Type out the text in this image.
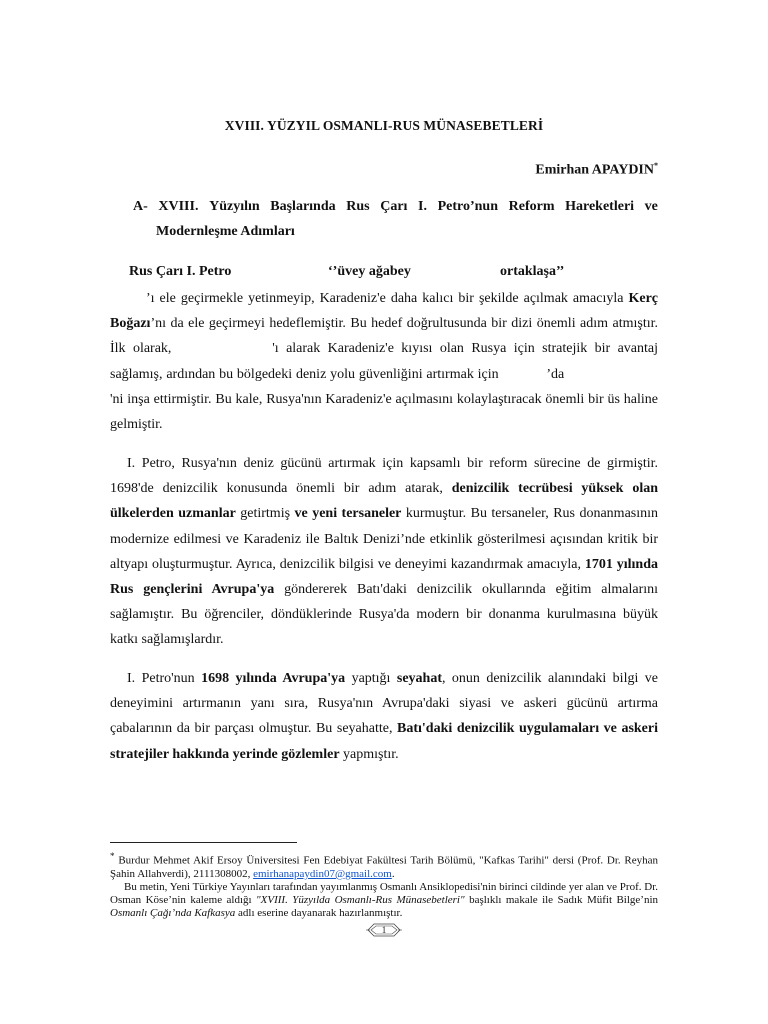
XVIII. YÜZYIL OSMANLI-RUS MÜNASEBETLERİ
Emirhan APAYDIN*
A- XVIII. Yüzyılın Başlarında Rus Çarı I. Petro’nun Reform Hareketleri ve
Modernleşme Adımları
Rus Çarı I. Petro	‘’üvey ağabey	ortaklaşa’’

’ı ele geçirmekle yetinmeyip, Karadeniz'e daha kalıcı bir şekilde açılmak amacıyla Kerç Boğazı’nı da ele geçirmeyi hedeflemiştir. Bu hedef doğrultusunda bir dizi önemli adım atmıştır. İlk olarak,	'ı alarak Karadeniz'e kıyısı olan Rusya için stratejik bir avantaj sağlamış, ardından bu bölgedeki deniz yolu güvenliğini artırmak için	’da  'ni inşa ettirmiştir. Bu kale, Rusya'nın Karadeniz'e açılmasını kolaylaştıracak önemli bir üs haline gelmiştir.

I. Petro, Rusya'nın deniz gücünü artırmak için kapsamlı bir reform sürecine de girmiştir. 1698'de denizcilik konusunda önemli bir adım atarak, denizcilik tecrübesi yüksek olan ülkelerden uzmanlar getirtmiş ve yeni tersaneler kurmuştur. Bu tersaneler, Rus donanmasının modernize edilmesi ve Karadeniz ile Baltık Denizi’nde etkinlik gösterilmesi açısından kritik bir altyapı oluşturmuştur. Ayrıca, denizcilik bilgisi ve deneyimi kazandırmak amacıyla, 1701 yılında Rus gençlerini Avrupa'ya göndererek Batı'daki denizcilik okullarında eğitim almalarını sağlamıştır. Bu öğrenciler, döndüklerinde Rusya'da modern bir donanma kurulmasına büyük katkı sağlamışlardır.

I. Petro'nun 1698 yılında Avrupa'ya yaptığı seyahat, onun denizcilik alanındaki bilgi ve deneyimini artırmanın yanı sıra, Rusya'nın Avrupa'daki siyasi ve askeri gücünü artırma çabalarının da bir parçası olmuştur. Bu seyahatte, Batı'daki denizcilik uygulamaları ve askeri stratejiler hakkında yerinde gözlemler yapmıştır.

* Burdur Mehmet Akif Ersoy Üniversitesi Fen Edebiyat Fakültesi Tarih Bölümü, "Kafkas Tarihi" dersi (Prof. Dr. Reyhan Şahin Allahverdi), 2111308002, emirhanapaydin07@gmail.com.

Bu metin, Yeni Türkiye Yayınları tarafından yayımlanmış Osmanlı Ansiklopedisi'nin birinci cildinde yer alan ve Prof. Dr. Osman Köse’nin kaleme aldığı "XVIII. Yüzyılda Osmanlı-Rus Münasebetleri" başlıklı makale ile Sadık Müfit Bilge’nin Osmanlı Çağı’nda Kafkasya adlı eserine dayanarak hazırlanmıştır.

1
